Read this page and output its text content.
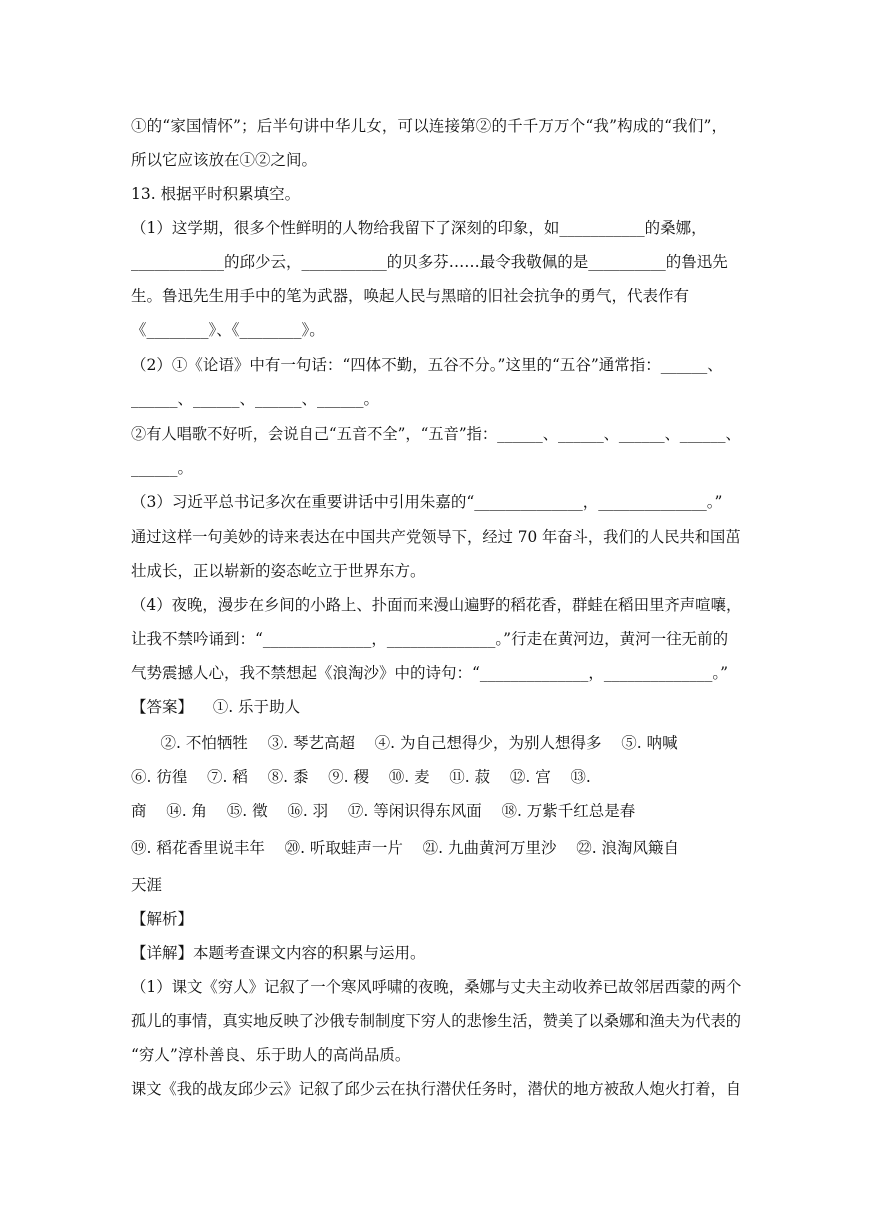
①的“家国情怀”；后半句讲中华儿女，可以连接第②的千千万万个“我”构成的“我们”，
所以它应该放在①②之间。
13. 根据平时积累填空。
（1）这学期，很多个性鲜明的人物给我留下了深刻的印象，如___________的桑娜，
____________的邱少云，___________的贝多芬……最令我敬佩的是__________的鲁迅先
生。鲁迅先生用手中的笔为武器，唤起人民与黑暗的旧社会抗争的勇气，代表作有
《________》、《________》。
（2）①《论语》中有一句话：“四体不勤，五谷不分。”这里的“五谷”通常指：______、
______、______、______、______。
②有人唱歌不好听，会说自己“五音不全”，“五音”指：______、______、______、______、
______。
（3）习近平总书记多次在重要讲话中引用朱嘉的“______________，______________。”
通过这样一句美妙的诗来表达在中国共产党领导下，经过 70 年奋斗，我们的人民共和国茁
壮成长，正以崭新的姿态屹立于世界东方。
（4）夜晚，漫步在乡间的小路上、扑面而来漫山遍野的稻花香，群蛙在稻田里齐声喧嚷，
让我不禁吟诵到：“______________，______________。”行走在黄河边，黄河一往无前的
气势震撼人心，我不禁想起《浪淘沙》中的诗句：“______________，______________。”
【答案】    ①. 乐于助人
②. 不怕牺牲    ③. 琴艺高超    ④. 为自己想得少，为别人想得多    ⑤. 呐喊
⑥. 彷徨    ⑦. 稻    ⑧. 黍    ⑨. 稷    ⑩. 麦    ⑪. 菽    ⑫. 宫    ⑬.
商    ⑭. 角    ⑮. 徵    ⑯. 羽    ⑰. 等闲识得东风面    ⑱. 万紫千红总是春
⑲. 稻花香里说丰年    ⑳. 听取蛙声一片    ㉑. 九曲黄河万里沙    ㉒. 浪淘风簸自
天涯
【解析】
【详解】本题考查课文内容的积累与运用。
（1）课文《穷人》记叙了一个寒风呼啸的夜晚，桑娜与丈夫主动收养已故邻居西蒙的两个
孤儿的事情，真实地反映了沙俄专制制度下穷人的悲惨生活，赞美了以桑娜和渔夫为代表的
“穷人”淳朴善良、乐于助人的高尚品质。
课文《我的战友邱少云》记叙了邱少云在执行潜伏任务时，潜伏的地方被敌人炮火打着，自
